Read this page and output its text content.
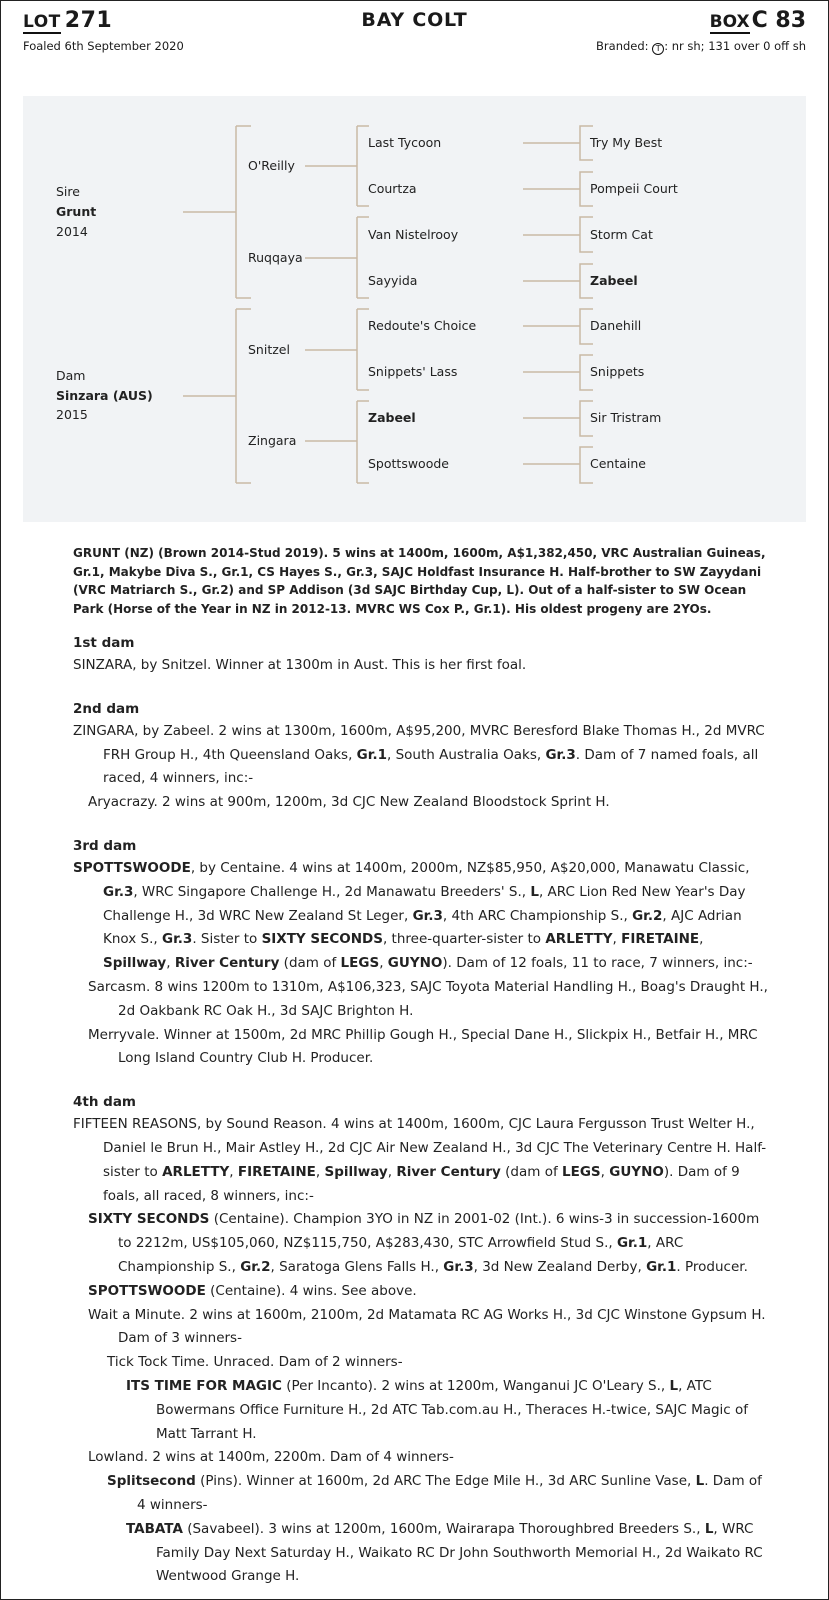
LOT 271	BAY COLT	BOXC 83
Foaled 6th September 2020	Branded: T : nr sh; 131 over 0 off sh
Sire
Grunt
2014
Dam
Sinzara (AUS)
2015
O'Reilly
Ruqqaya
Snitzel
Zingara
Last Tycoon
Courtza
Van Nistelrooy
Sayyida
Redoute's Choice
Snippets' Lass
Zabeel
Spottswoode
Try My Best
Pompeii Court
Storm Cat
Zabeel
Danehill
Snippets
Sir Tristram
Centaine
GRUNT (NZ) (Brown 2014-Stud 2019). 5 wins at 1400m, 1600m, A$1,382,450, VRC Australian Guineas, Gr.1, Makybe Diva S., Gr.1, CS Hayes S., Gr.3, SAJC Holdfast Insurance H. Half-brother to SW Zayydani (VRC Matriarch S., Gr.2) and SP Addison (3d SAJC Birthday Cup, L). Out of a half-sister to SW Ocean Park (Horse of the Year in NZ in 2012-13. MVRC WS Cox P., Gr.1). His oldest progeny are 2YOs.
1st dam
SINZARA, by Snitzel. Winner at 1300m in Aust. This is her first foal.
2nd dam
ZINGARA, by Zabeel. 2 wins at 1300m, 1600m, A$95,200, MVRC Beresford Blake Thomas H., 2d MVRC FRH Group H., 4th Queensland Oaks, Gr.1, South Australia Oaks, Gr.3. Dam of 7 named foals, all raced, 4 winners, inc:-
Aryacrazy. 2 wins at 900m, 1200m, 3d CJC New Zealand Bloodstock Sprint H.
3rd dam
SPOTTSWOODE, by Centaine. 4 wins at 1400m, 2000m, NZ$85,950, A$20,000, Manawatu Classic, Gr.3, WRC Singapore Challenge H., 2d Manawatu Breeders' S., L, ARC Lion Red New Year's Day Challenge H., 3d WRC New Zealand St Leger, Gr.3, 4th ARC Championship S., Gr.2, AJC Adrian Knox S., Gr.3. Sister to SIXTY SECONDS, three-quarter-sister to ARLETTY, FIRETAINE, Spillway, River Century (dam of LEGS, GUYNO). Dam of 12 foals, 11 to race, 7 winners, inc:-
Sarcasm. 8 wins 1200m to 1310m, A$106,323, SAJC Toyota Material Handling H., Boag's Draught H., 2d Oakbank RC Oak H., 3d SAJC Brighton H.
Merryvale. Winner at 1500m, 2d MRC Phillip Gough H., Special Dane H., Slickpix H., Betfair H., MRC Long Island Country Club H. Producer.
4th dam
FIFTEEN REASONS, by Sound Reason. 4 wins at 1400m, 1600m, CJC Laura Fergusson Trust Welter H., Daniel le Brun H., Mair Astley H., 2d CJC Air New Zealand H., 3d CJC The Veterinary Centre H. Half-sister to ARLETTY, FIRETAINE, Spillway, River Century (dam of LEGS, GUYNO). Dam of 9 foals, all raced, 8 winners, inc:-
SIXTY SECONDS (Centaine). Champion 3YO in NZ in 2001-02 (Int.). 6 wins-3 in succession-1600m to 2212m, US$105,060, NZ$115,750, A$283,430, STC Arrowfield Stud S., Gr.1, ARC Championship S., Gr.2, Saratoga Glens Falls H., Gr.3, 3d New Zealand Derby, Gr.1. Producer.
SPOTTSWOODE (Centaine). 4 wins. See above.
Wait a Minute. 2 wins at 1600m, 2100m, 2d Matamata RC AG Works H., 3d CJC Winstone Gypsum H. Dam of 3 winners-
Tick Tock Time. Unraced. Dam of 2 winners-
ITS TIME FOR MAGIC (Per Incanto). 2 wins at 1200m, Wanganui JC O'Leary S., L, ATC Bowermans Office Furniture H., 2d ATC Tab.com.au H., Theraces H.-twice, SAJC Magic of Matt Tarrant H.
Lowland. 2 wins at 1400m, 2200m. Dam of 4 winners-
Splitsecond (Pins). Winner at 1600m, 2d ARC The Edge Mile H., 3d ARC Sunline Vase, L. Dam of 4 winners-
TABATA (Savabeel). 3 wins at 1200m, 1600m, Wairarapa Thoroughbred Breeders S., L, WRC Family Day Next Saturday H., Waikato RC Dr John Southworth Memorial H., 2d Waikato RC Wentwood Grange H.
